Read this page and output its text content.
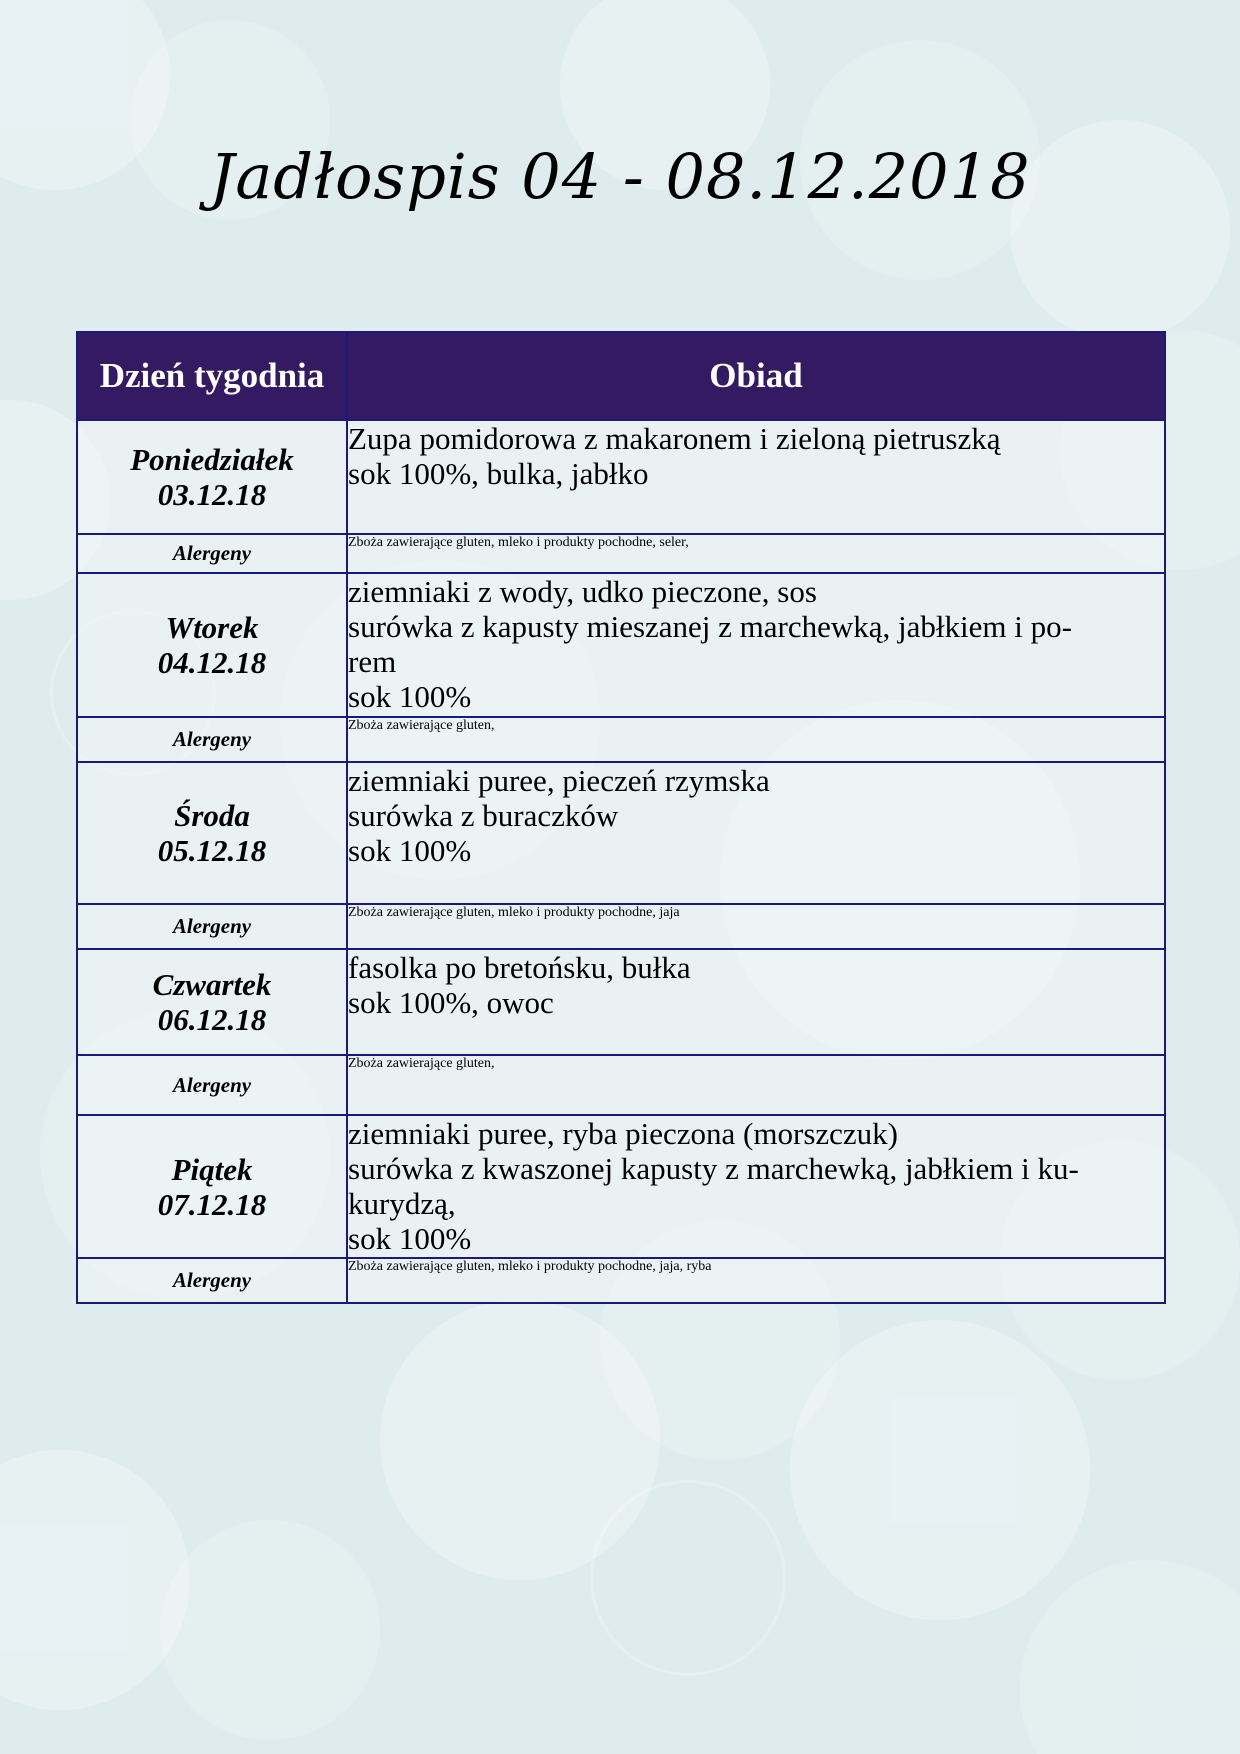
Jadłospis 04 - 08.12.2018
Dzień tygodnia	Obiad

Poniedziałek
03.12.18	Zupa pomidorowa z makaronem i zieloną pietruszką
sok 100%, bulka, jabłko

Alergeny	Zboża zawierające gluten, mleko i produkty pochodne, seler,

Wtorek
04.12.18	ziemniaki z wody, udko pieczone, sos
surówka z kapusty mieszanej z marchewką, jabłkiem i po-
rem
sok 100%

Alergeny	Zboża zawierające gluten,

Środa
05.12.18	ziemniaki puree, pieczeń rzymska
surówka z buraczków
sok 100%

Alergeny	Zboża zawierające gluten, mleko i produkty pochodne, jaja

Czwartek
06.12.18	fasolka po bretońsku, bułka
sok 100%, owoc

Alergeny	Zboża zawierające gluten,

Piątek
07.12.18	ziemniaki puree, ryba pieczona (morszczuk)
surówka z kwaszonej kapusty z marchewką, jabłkiem i ku-
kurydzą,
sok 100%

Alergeny	Zboża zawierające gluten, mleko i produkty pochodne, jaja, ryba
